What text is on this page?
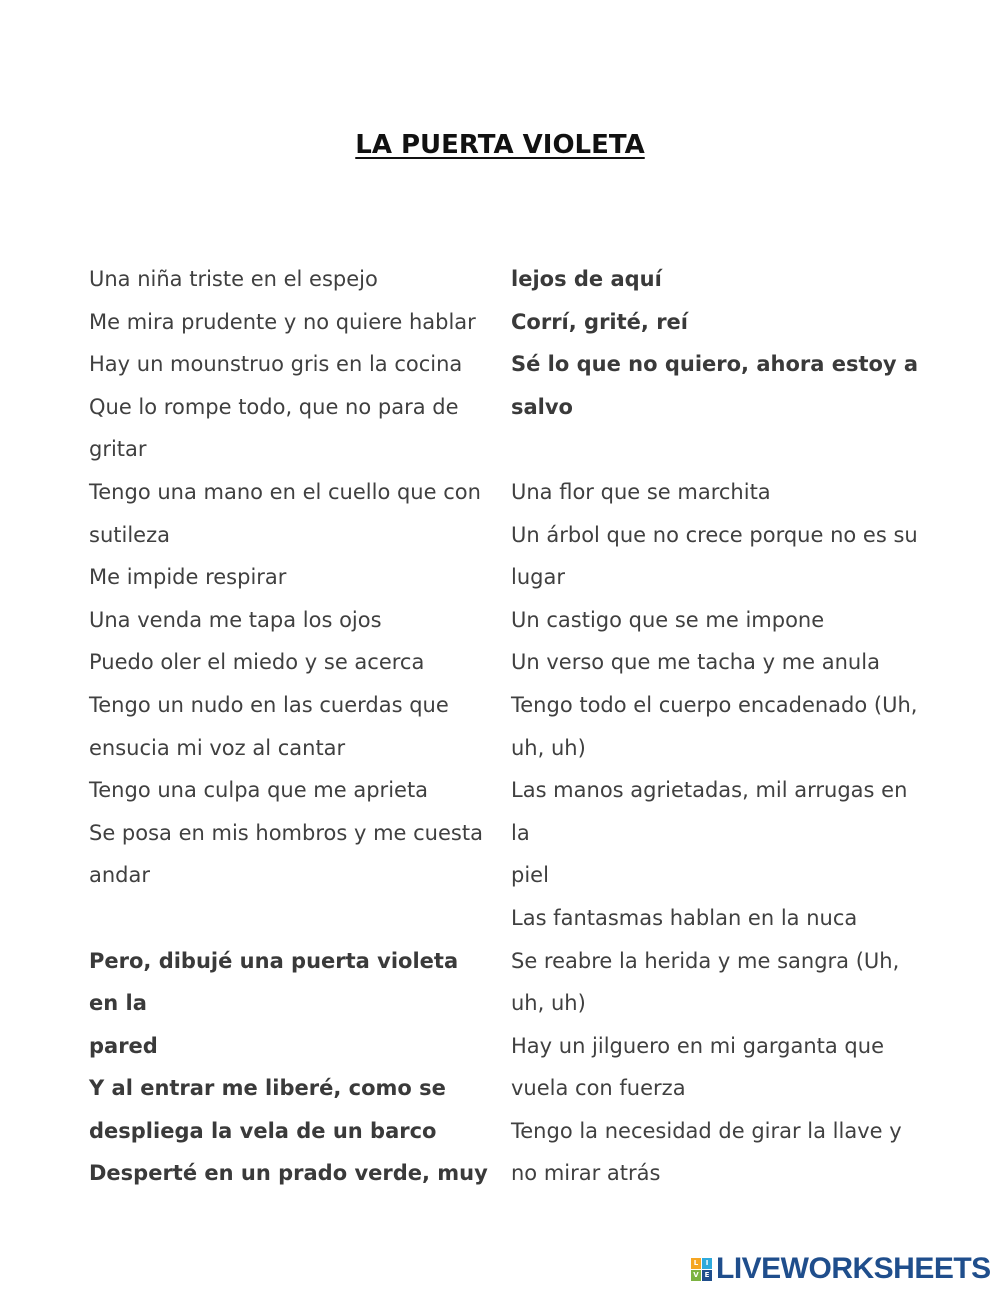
LA PUERTA VIOLETA
Una niña triste en el espejo
Me mira prudente y no quiere hablar
Hay un mounstruo gris en la cocina
Que lo rompe todo, que no para de
gritar
Tengo una mano en el cuello que con
sutileza
Me impide respirar
Una venda me tapa los ojos
Puedo oler el miedo y se acerca
Tengo un nudo en las cuerdas que
ensucia mi voz al cantar
Tengo una culpa que me aprieta
Se posa en mis hombros y me cuesta
andar
Pero, dibujé una puerta violeta en la
pared
Y al entrar me liberé, como se
despliega la vela de un barco
Desperté en un prado verde, muy
lejos de aquí
Corrí, grité, reí
Sé lo que no quiero, ahora estoy a
salvo
Una flor que se marchita
Un árbol que no crece porque no es su
lugar
Un castigo que se me impone
Un verso que me tacha y me anula
Tengo todo el cuerpo encadenado (Uh,
uh, uh)
Las manos agrietadas, mil arrugas en la
piel
Las fantasmas hablan en la nuca
Se reabre la herida y me sangra (Uh,
uh, uh)
Hay un jilguero en mi garganta que
vuela con fuerza
Tengo la necesidad de girar la llave y
no mirar atrás
L	I
V E LIVEWORKSHEETS
